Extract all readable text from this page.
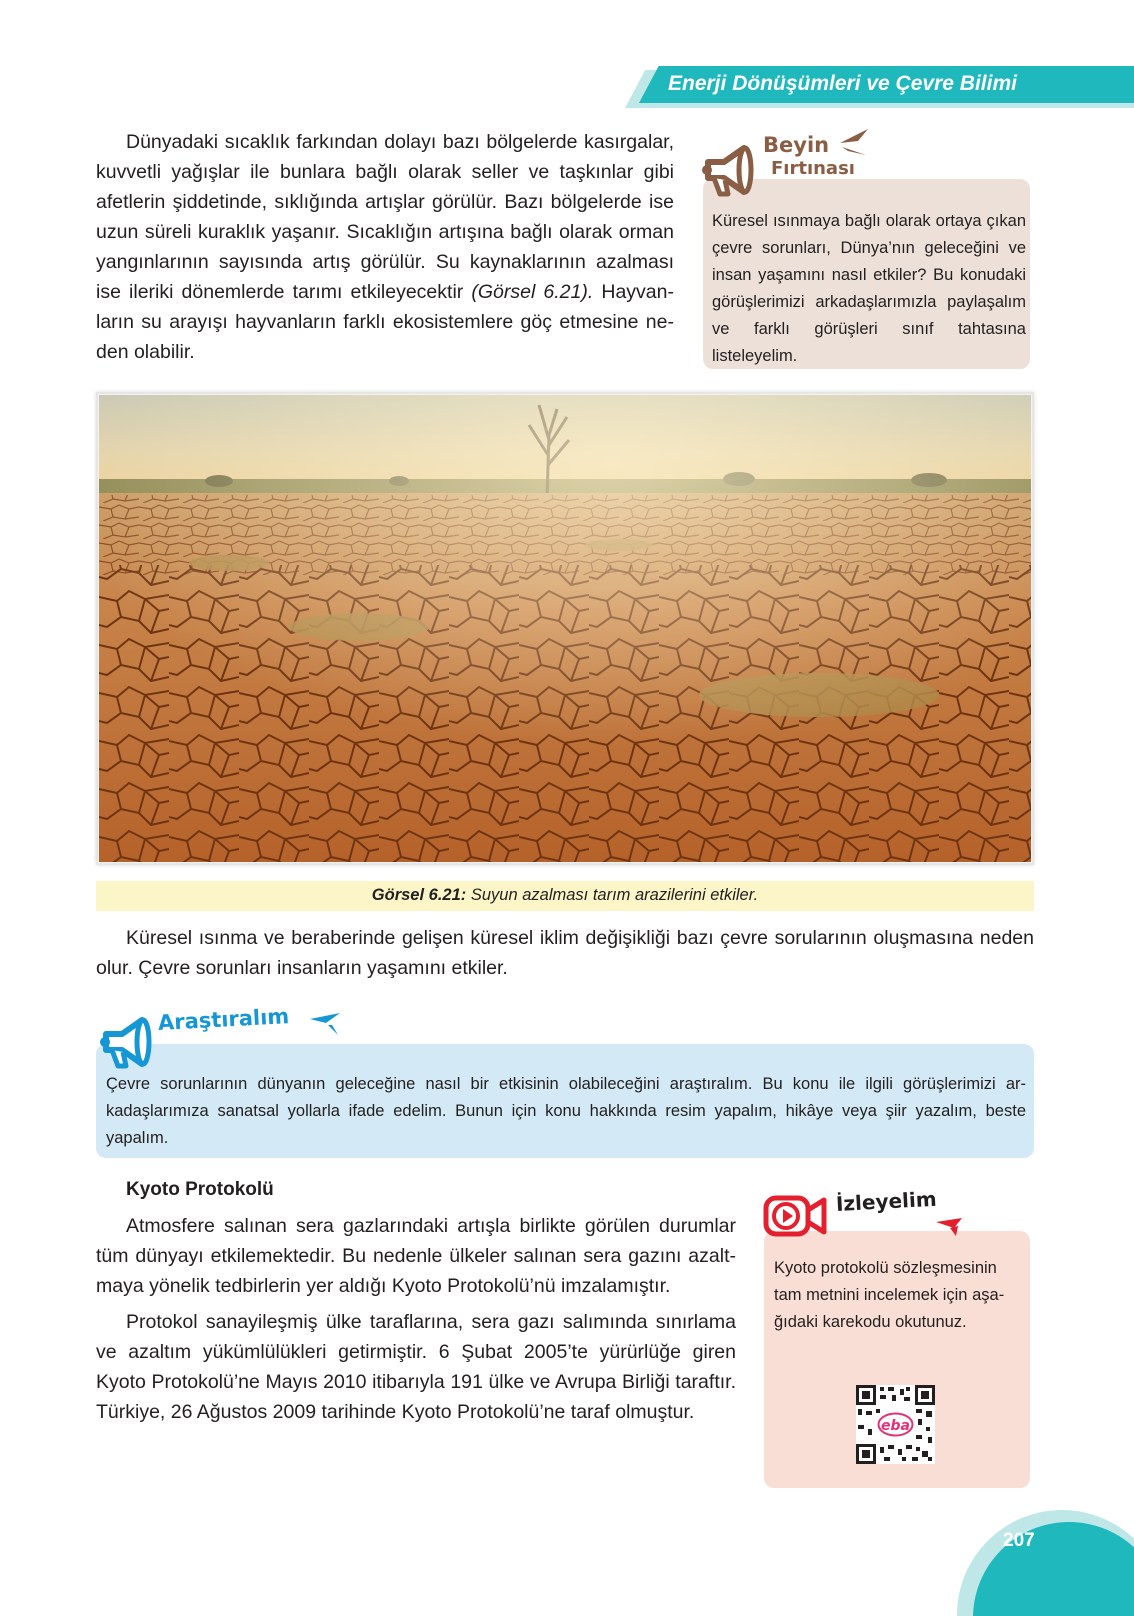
Enerji Dönüşümleri ve Çevre Bilimi

Dünyadaki sıcaklık farkından dolayı bazı bölgelerde kasırgalar, kuvvetli yağışlar ile bunlara bağlı olarak seller ve taşkınlar gibi afetlerin şiddetinde, sıklığında artışlar görülür. Bazı bölgelerde ise uzun süreli kuraklık yaşanır. Sıcaklığın artışına bağlı olarak orman yangınlarının sayısında artış görülür. Su kaynaklarının azalması ise ileriki dönemlerde tarımı etkileyecektir (Görsel 6.21). Hayvanların su arayışı hayvanların farklı ekosistemlere göç etmesine neden olabilir.

Beyin
Fırtınası
Küresel ısınmaya bağlı olarak ortaya çıkan çevre sorunları, Dünya’nın geleceğini ve insan yaşamını nasıl etkiler? Bu konudaki görüşlerimizi arkadaşlarımızla paylaşalım ve farklı görüşleri sınıf tahtasına listeleyelim.
Görsel 6.21: Suyun azalması tarım arazilerini etkiler.

Küresel ısınma ve beraberinde gelişen küresel iklim değişikliği bazı çevre sorularının oluşmasına neden olur. Çevre sorunları insanların yaşamını etkiler.

Araştıralım
Çevre sorunlarının dünyanın geleceğine nasıl bir etkisinin olabileceğini araştıralım. Bu konu ile ilgili görüşlerimizi arkadaşlarımıza sanatsal yollarla ifade edelim. Bunun için konu hakkında resim yapalım, hikâye veya şiir yazalım, beste yapalım.
Kyoto Protokolü

Atmosfere salınan sera gazlarındaki artışla birlikte görülen durumlar tüm dünyayı etkilemektedir. Bu nedenle ülkeler salınan sera gazını azaltmaya yönelik tedbirlerin yer aldığı Kyoto Protokolü’nü imzalamıştır.

Protokol sanayileşmiş ülke taraflarına, sera gazı salımında sınırlama ve azaltım yükümlülükleri getirmiştir. 6 Şubat 2005’te yürürlüğe giren Kyoto Protokolü’ne Mayıs 2010 itibarıyla 191 ülke ve Avrupa Birliği taraftır. Türkiye, 26 Ağustos 2009 tarihinde Kyoto Protokolü’ne taraf olmuştur.

İzleyelim
Kyoto protokolü sözleşmesinin tam metnini incelemek için aşağıdaki karekodu okutunuz.
eba
207
